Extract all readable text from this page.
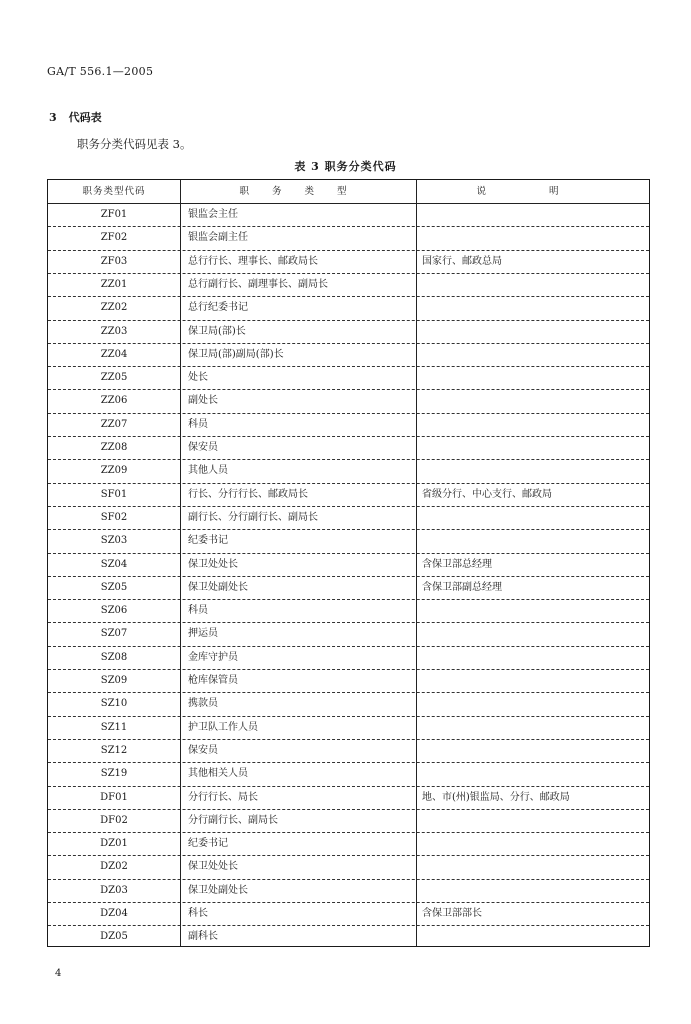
GA/T 556.1—2005
3 代码表
职务分类代码见表 3。
表 3 职务分类代码
职务类型代码	职 务 类 型	说 明
ZF01	银监会主任
ZF02	银监会副主任
ZF03	总行行长、理事长、邮政局长	国家行、邮政总局
ZZ01	总行副行长、副理事长、副局长
ZZ02	总行纪委书记
ZZ03	保卫局(部)长
ZZ04	保卫局(部)副局(部)长
ZZ05	处长
ZZ06	副处长
ZZ07	科员
ZZ08	保安员
ZZ09	其他人员
SF01	行长、分行行长、邮政局长	省级分行、中心支行、邮政局
SF02	副行长、分行副行长、副局长
SZ03	纪委书记
SZ04	保卫处处长	含保卫部总经理
SZ05	保卫处副处长	含保卫部副总经理
SZ06	科员
SZ07	押运员
SZ08	金库守护员
SZ09	枪库保管员
SZ10	携款员
SZ11	护卫队工作人员
SZ12	保安员
SZ19	其他相关人员
DF01	分行行长、局长	地、市(州)银监局、分行、邮政局
DF02	分行副行长、副局长
DZ01	纪委书记
DZ02	保卫处处长
DZ03	保卫处副处长
DZ04	科长	含保卫部部长
DZ05	副科长
4
